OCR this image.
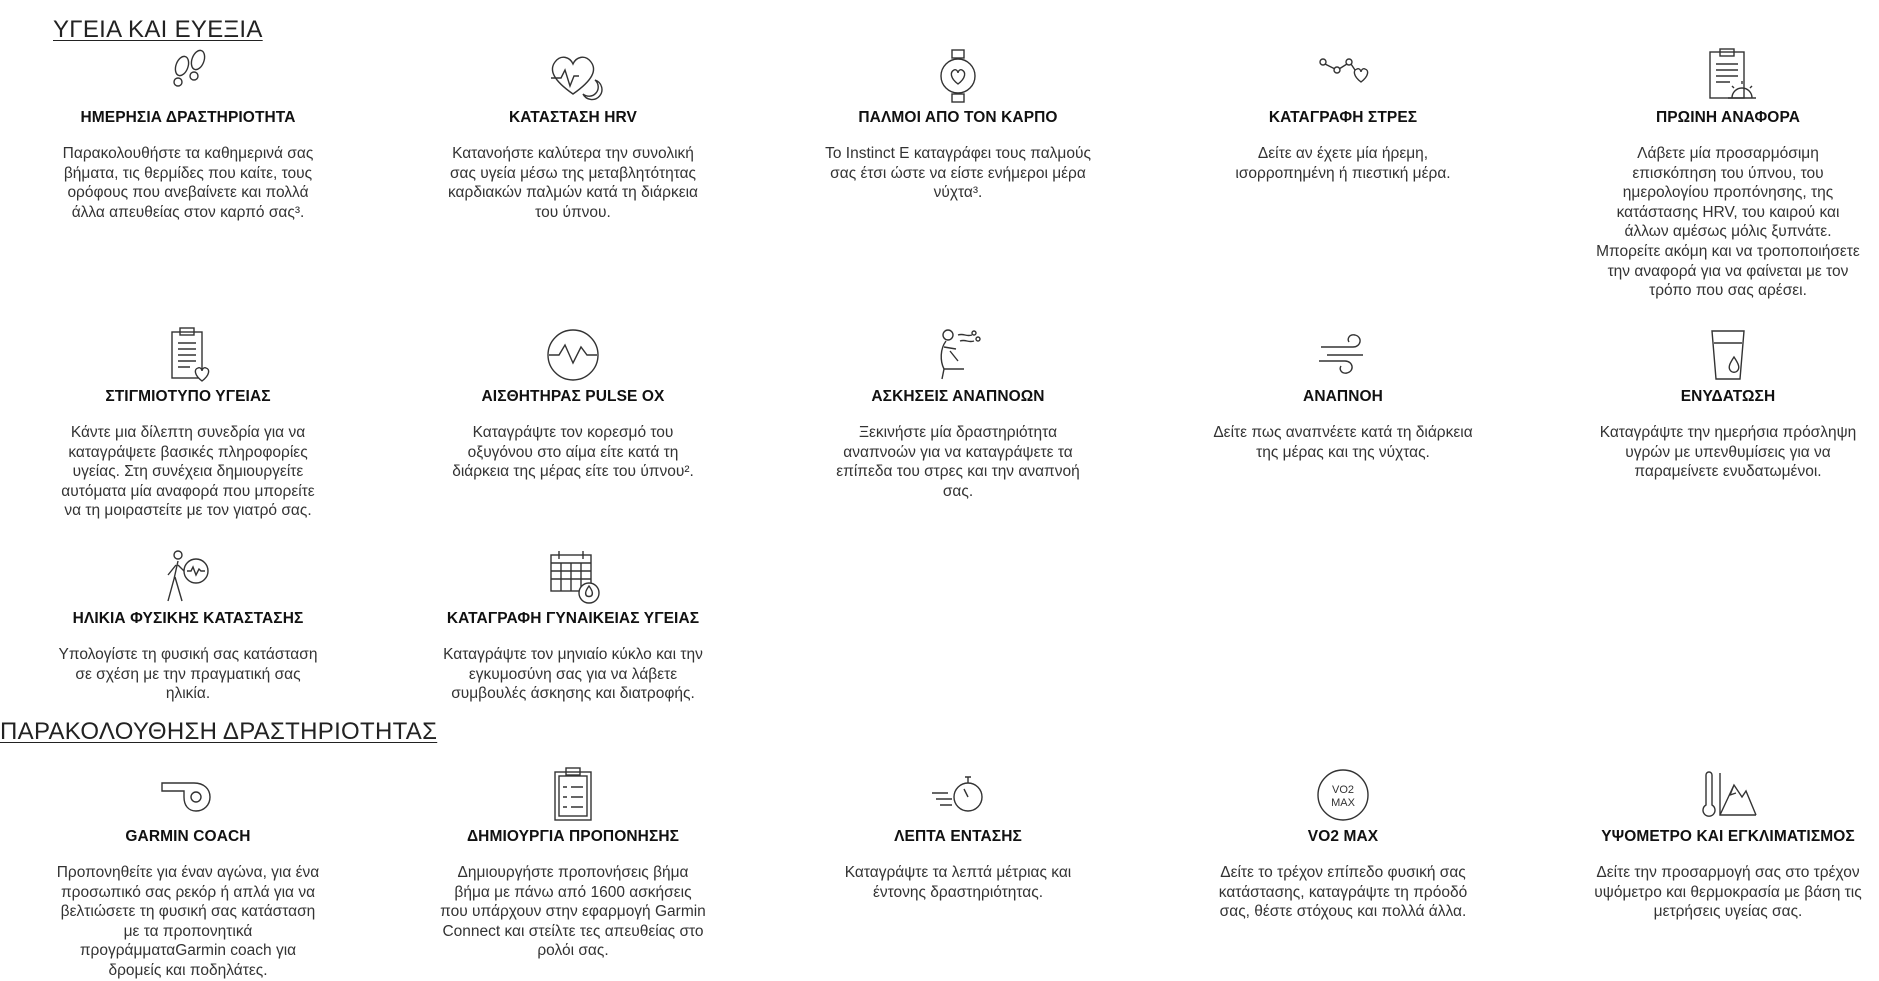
ΥΓΕΙΑ ΚΑΙ ΕΥΕΞΙΑ
ΗΜΕΡΗΣΙΑ ΔΡΑΣΤΗΡΙΟΤΗΤΑ

Παρακολουθήστε τα καθημερινά σας βήματα, τις θερμίδες που καίτε, τους ορόφους που ανεβαίνετε και πολλά άλλα απευθείας στον καρπό σας³.

ΚΑΤΑΣΤΑΣΗ HRV

Κατανοήστε καλύτερα την συνολική σας υγεία μέσω της μεταβλητότητας καρδιακών παλμών κατά τη διάρκεια του ύπνου.

ΠΑΛΜΟΙ ΑΠΟ ΤΟΝ ΚΑΡΠΟ

Το Instinct E καταγράφει τους παλμούς σας έτσι ώστε να είστε ενήμεροι μέρα νύχτα³.

ΚΑΤΑΓΡΑΦΗ ΣΤΡΕΣ

Δείτε αν έχετε μία ήρεμη, ισορροπημένη ή πιεστική μέρα.

ΠΡΩΙΝΗ ΑΝΑΦΟΡΑ

Λάβετε μία προσαρμόσιμη επισκόπηση του ύπνου, του ημερολογίου προπόνησης, της κατάστασης HRV, του καιρού και άλλων αμέσως μόλις ξυπνάτε. Μπορείτε ακόμη και να τροποποιήσετε την αναφορά για να φαίνεται με τον τρόπο που σας αρέσει.

ΣΤΙΓΜΙΟΤΥΠΟ ΥΓΕΙΑΣ

Κάντε μια δίλεπτη συνεδρία για να καταγράψετε βασικές πληροφορίες υγείας. Στη συνέχεια δημιουργείτε αυτόματα μία αναφορά που μπορείτε να τη μοιραστείτε με τον γιατρό σας.

ΑΙΣΘΗΤΗΡΑΣ PULSE OX

Καταγράψτε τον κορεσμό του οξυγόνου στο αίμα είτε κατά τη διάρκεια της μέρας είτε του ύπνου².

ΑΣΚΗΣΕΙΣ ΑΝΑΠΝΟΩΝ

Ξεκινήστε μία δραστηριότητα αναπνοών για να καταγράψετε τα επίπεδα του στρες και την αναπνοή σας.

ΑΝΑΠΝΟΗ

Δείτε πως αναπνέετε κατά τη διάρκεια της μέρας και της νύχτας.

ΕΝΥΔΑΤΩΣΗ

Καταγράψτε την ημερήσια πρόσληψη υγρών με υπενθυμίσεις για να παραμείνετε ενυδατωμένοι.

ΗΛΙΚΙΑ ΦΥΣΙΚΗΣ ΚΑΤΑΣΤΑΣΗΣ

Υπολογίστε τη φυσική σας κατάσταση σε σχέση με την πραγματική σας ηλικία.

ΚΑΤΑΓΡΑΦΗ ΓΥΝΑΙΚΕΙΑΣ ΥΓΕΙΑΣ

Καταγράψτε τον μηνιαίο κύκλο και την εγκυμοσύνη σας για να λάβετε συμβουλές άσκησης και διατροφής.

ΠΑΡΑΚΟΛΟΥΘΗΣΗ ΔΡΑΣΤΗΡΙΟΤΗΤΑΣ
GARMIN COACH

Προπονηθείτε για έναν αγώνα, για ένα προσωπικό σας ρεκόρ ή απλά για να βελτιώσετε τη φυσική σας κατάσταση με τα προπονητικά προγράμματαGarmin coach για δρομείς και ποδηλάτες.

ΔΗΜΙΟΥΡΓΙΑ ΠΡΟΠΟΝΗΣΗΣ

Δημιουργήστε προπονήσεις βήμα βήμα με πάνω από 1600 ασκήσεις που υπάρχουν στην εφαρμογή Garmin Connect και στείλτε τες απευθείας στο ρολόι σας.

ΛΕΠΤΑ ΕΝΤΑΣΗΣ

Καταγράψτε τα λεπτά μέτριας και έντονης δραστηριότητας.

VO2
MAX
VO2 MAX

Δείτε το τρέχον επίπεδο φυσική σας κατάστασης, καταγράψτε τη πρόοδό σας, θέστε στόχους και πολλά άλλα.

ΥΨΟΜΕΤΡΟ ΚΑΙ ΕΓΚΛΙΜΑΤΙΣΜΟΣ

Δείτε την προσαρμογή σας στο τρέχον υψόμετρο και θερμοκρασία με βάση τις μετρήσεις υγείας σας.
